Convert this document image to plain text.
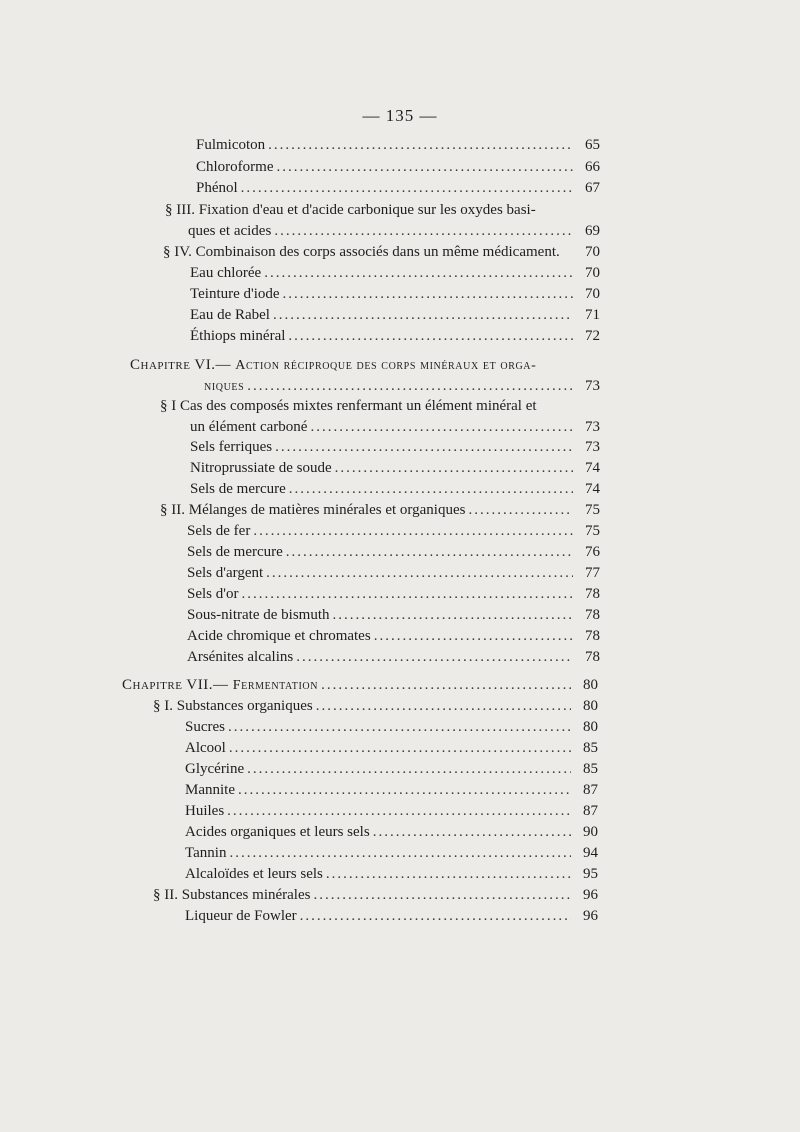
— 135 —
Fulmicoton .....	65
Chloroforme .....	66
Phénol .....	67
§ III. Fixation d'eau et d'acide carbonique sur les oxydes basi-
ques et acides .....	69
§ IV. Combinaison des corps associés dans un même médicament.	70
Eau chlorée .....	70
Teinture d'iode .....	70
Eau de Rabel .....	71
Éthiops minéral .....	72
Chapitre VI.— Action réciproque des corps minéraux et orga-
niques .....	73
§ I Cas des composés mixtes renfermant un élément minéral et
un élément carboné .....	73
Sels ferriques .....	73
Nitroprussiate de soude .....	74
Sels de mercure .....	74
§ II. Mélanges de matières minérales et organiques .....	75
Sels de fer .....	75
Sels de mercure .....	76
Sels d'argent .....	77
Sels d'or .....	78
Sous-nitrate de bismuth .....	78
Acide chromique et chromates .....	78
Arsénites alcalins .....	78
Chapitre VII.— Fermentation .....	80
§ I. Substances organiques .....	80
Sucres .....	80
Alcool .....	85
Glycérine .....	85
Mannite .....	87
Huiles .....	87
Acides organiques et leurs sels .....	90
Tannin .....	94
Alcaloïdes et leurs sels .....	95
§ II. Substances minérales .....	96
Liqueur de Fowler .....	96
